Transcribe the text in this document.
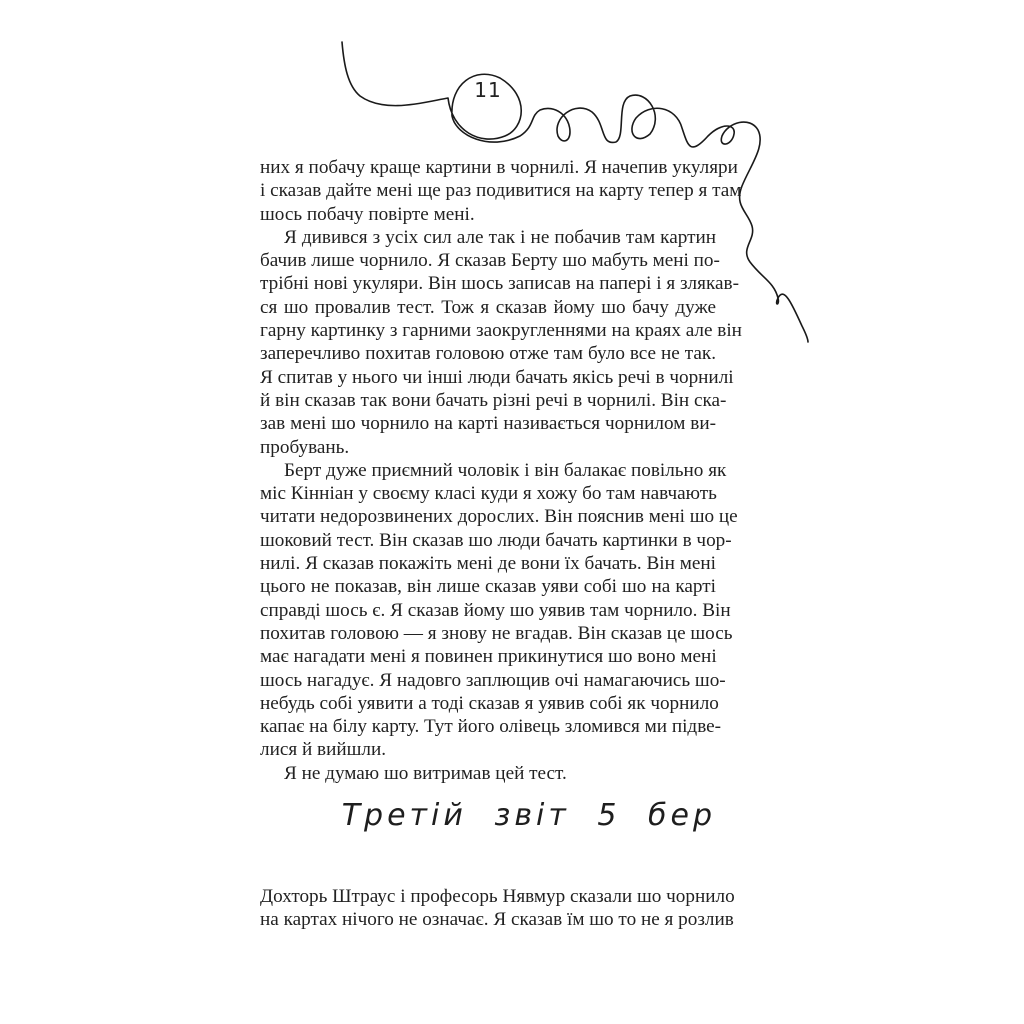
11

них я побачу краще картини в чорнилі. Я начепив укуляри
і сказав дайте мені ще раз подивитися на карту тепер я там
шось побачу повірте мені.

Я дивився з усіх сил але так і не побачив там картин
бачив лише чорнило. Я сказав Берту шо мабуть мені по-
трібні нові укуляри. Він шось записав на папері і я злякав-
ся шо провалив тест. Тож я сказав йому шо бачу дуже
гарну картинку з гарними заокругленнями на краях але він
заперечливо похитав головою отже там було все не так.
Я спитав у нього чи інші люди бачать якісь речі в чорнилі
й він сказав так вони бачать різні речі в чорнилі. Він ска-
зав мені шо чорнило на карті називається чорнилом ви-
пробувань.

Берт дуже приємний чоловік і він балакає повільно як
міс Кінніан у своєму класі куди я хожу бо там навчають
читати недорозвинених дорослих. Він пояснив мені шо це
шоковий тест. Він сказав шо люди бачать картинки в чор-
нилі. Я сказав покажіть мені де вони їх бачать. Він мені
цього не показав, він лише сказав уяви собі шо на карті
справді шось є. Я сказав йому шо уявив там чорнило. Він
похитав головою — я знову не вгадав. Він сказав це шось
має нагадати мені я повинен прикинутися шо воно мені
шось нагадує. Я надовго заплющив очі намагаючись шо-
небудь собі уявити а тоді сказав я уявив собі як чорнило
капає на білу карту. Тут його олівець зломився ми підве-
лися й вийшли.

Я не думаю шо витримав цей тест.

Третій звіт 5 бер

Дохторь Штраус і професорь Нявмур сказали шо чорнило
на картах нічого не означає. Я сказав їм шо то не я розлив
